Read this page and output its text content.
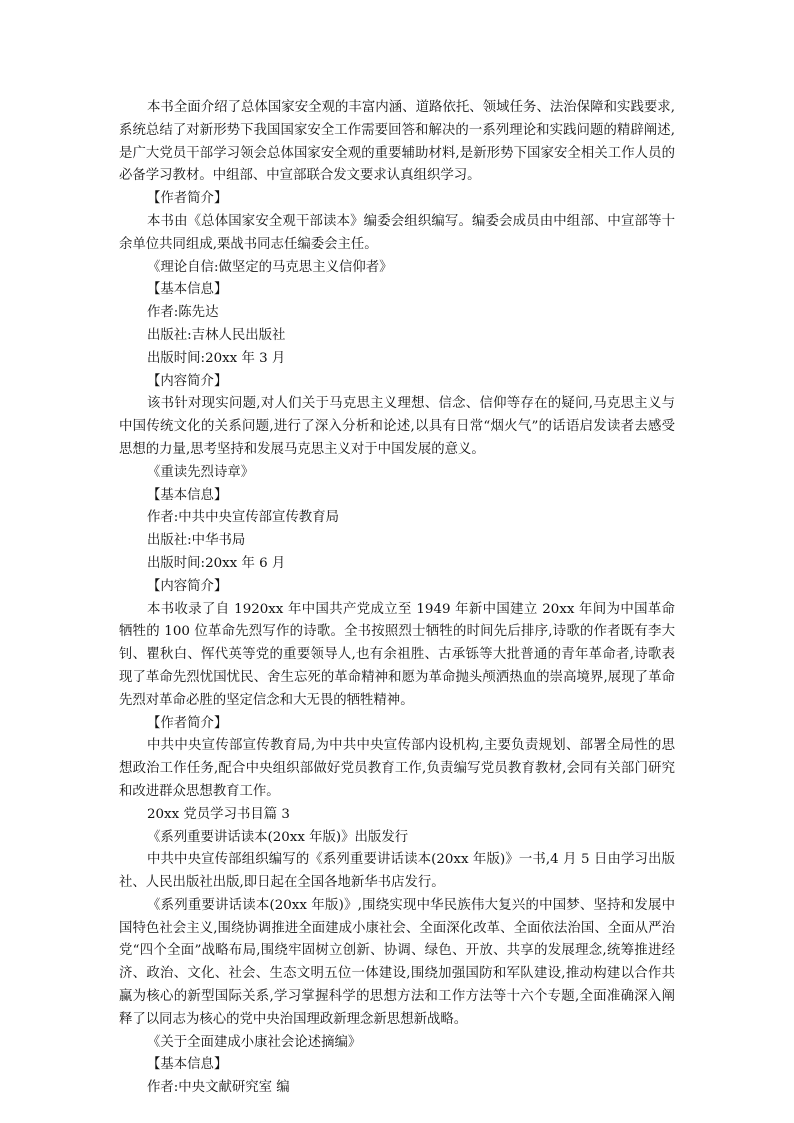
本书全面介绍了总体国家安全观的丰富内涵、道路依托、领域任务、法治保障和实践要求,系统总结了对新形势下我国国家安全工作需要回答和解决的一系列理论和实践问题的精辟阐述,是广大党员干部学习领会总体国家安全观的重要辅助材料,是新形势下国家安全相关工作人员的必备学习教材。中组部、中宣部联合发文要求认真组织学习。

【作者简介】

本书由《总体国家安全观干部读本》编委会组织编写。编委会成员由中组部、中宣部等十余单位共同组成,栗战书同志任编委会主任。

《理论自信:做坚定的马克思主义信仰者》

【基本信息】

作者:陈先达

出版社:吉林人民出版社

出版时间:20xx 年 3 月

【内容简介】

该书针对现实问题,对人们关于马克思主义理想、信念、信仰等存在的疑问,马克思主义与中国传统文化的关系问题,进行了深入分析和论述,以具有日常“烟火气”的话语启发读者去感受思想的力量,思考坚持和发展马克思主义对于中国发展的意义。

《重读先烈诗章》

【基本信息】

作者:中共中央宣传部宣传教育局

出版社:中华书局

出版时间:20xx 年 6 月

【内容简介】

本书收录了自 1920xx 年中国共产党成立至 1949 年新中国建立 20xx 年间为中国革命牺牲的 100 位革命先烈写作的诗歌。全书按照烈士牺牲的时间先后排序,诗歌的作者既有李大钊、瞿秋白、恽代英等党的重要领导人,也有余祖胜、古承铄等大批普通的青年革命者,诗歌表现了革命先烈忧国忧民、舍生忘死的革命精神和愿为革命抛头颅洒热血的崇高境界,展现了革命先烈对革命必胜的坚定信念和大无畏的牺牲精神。

【作者简介】

中共中央宣传部宣传教育局,为中共中央宣传部内设机构,主要负责规划、部署全局性的思想政治工作任务,配合中央组织部做好党员教育工作,负责编写党员教育教材,会同有关部门研究和改进群众思想教育工作。

20xx 党员学习书目篇 3

《系列重要讲话读本(20xx 年版)》出版发行

中共中央宣传部组织编写的《系列重要讲话读本(20xx 年版)》一书,4 月 5 日由学习出版社、人民出版社出版,即日起在全国各地新华书店发行。

《系列重要讲话读本(20xx 年版)》,围绕实现中华民族伟大复兴的中国梦、坚持和发展中国特色社会主义,围绕协调推进全面建成小康社会、全面深化改革、全面依法治国、全面从严治党“四个全面”战略布局,围绕牢固树立创新、协调、绿色、开放、共享的发展理念,统筹推进经济、政治、文化、社会、生态文明五位一体建设,围绕加强国防和军队建设,推动构建以合作共赢为核心的新型国际关系,学习掌握科学的思想方法和工作方法等十六个专题,全面准确深入阐释了以同志为核心的党中央治国理政新理念新思想新战略。

《关于全面建成小康社会论述摘编》

【基本信息】

作者:中央文献研究室 编
